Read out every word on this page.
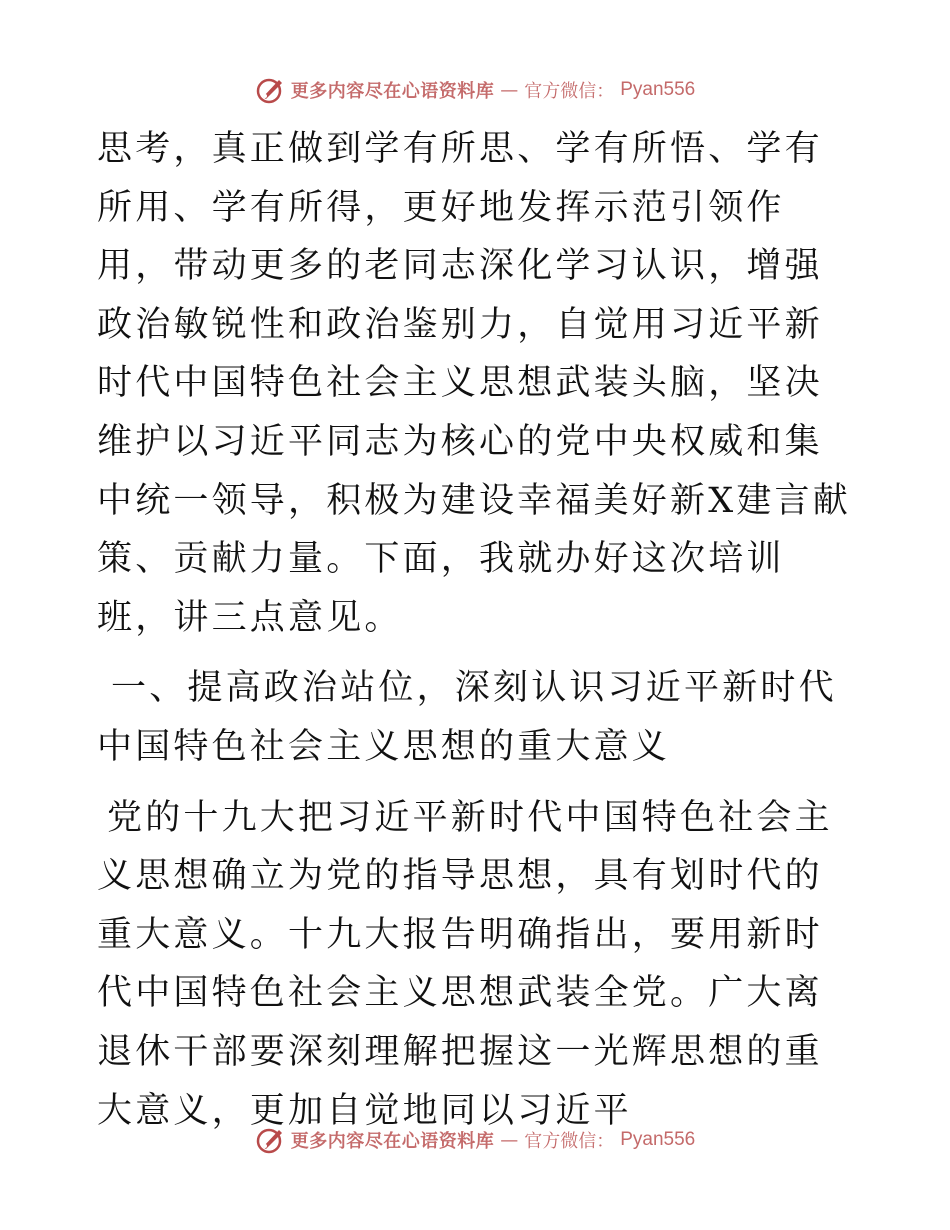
更多内容尽在心语资料库 — 官方微信： Pyan556

思考，真正做到学有所思、学有所悟、学有所用、学有所得，更好地发挥示范引领作用，带动更多的老同志深化学习认识，增强政治敏锐性和政治鉴别力，自觉用习近平新时代中国特色社会主义思想武装头脑，坚决维护以习近平同志为核心的党中央权威和集中统一领导，积极为建设幸福美好新X建言献策、贡献力量。下面，我就办好这次培训班，讲三点意见。

一、提高政治站位，深刻认识习近平新时代中国特色社会主义思想的重大意义

党的十九大把习近平新时代中国特色社会主义思想确立为党的指导思想，具有划时代的重大意义。十九大报告明确指出，要用新时代中国特色社会主义思想武装全党。广大离退休干部要深刻理解把握这一光辉思想的重大意义，更加自觉地同以习近平

更多内容尽在心语资料库 — 官方微信： Pyan556
